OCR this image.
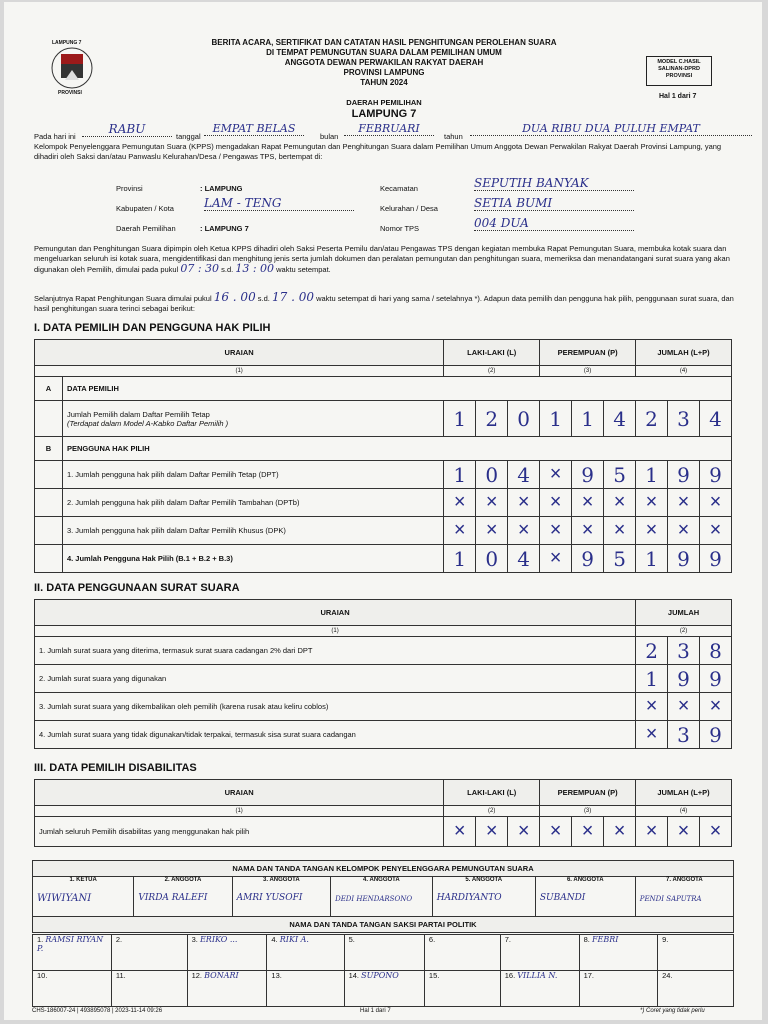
LAMPUNG 7
PROVINSI
BERITA ACARA, SERTIFIKAT DAN CATATAN HASIL PENGHITUNGAN PEROLEHAN SUARA
DI TEMPAT PEMUNGUTAN SUARA DALAM PEMILIHAN UMUM
ANGGOTA DEWAN PERWAKILAN RAKYAT DAERAH
PROVINSI LAMPUNG
TAHUN 2024
MODEL C.HASIL
SALINAN-DPRD
PROVINSI
Hal 1 dari 7
DAERAH PEMILIHAN
LAMPUNG 7
Pada hari ini
RABU
tanggal
EMPAT BELAS
bulan
FEBRUARI
tahun
DUA RIBU DUA PULUH EMPAT
Kelompok Penyelenggara Pemungutan Suara (KPPS) mengadakan Rapat Pemungutan dan Penghitungan Suara dalam Pemilihan Umum Anggota Dewan Perwakilan Rakyat Daerah Provinsi Lampung, yang dihadiri oleh Saksi dan/atau Panwaslu Kelurahan/Desa / Pengawas TPS, bertempat di:
Provinsi	: LAMPUNG
Kabupaten / Kota	LAM - TENG
Daerah Pemilihan	: LAMPUNG 7
Kecamatan	SEPUTIH BANYAK
Kelurahan / Desa	SETIA BUMI
Nomor TPS	004 DUA
Pemungutan dan Penghitungan Suara dipimpin oleh Ketua KPPS dihadiri oleh Saksi Peserta Pemilu dan/atau Pengawas TPS dengan kegiatan membuka Rapat Pemungutan Suara, membuka kotak suara dan mengeluarkan seluruh isi kotak suara, mengidentifikasi dan menghitung jenis serta jumlah dokumen dan peralatan pemungutan dan penghitungan suara, memeriksa dan menandatangani surat suara yang akan digunakan oleh Pemilih, dimulai pada pukul 07 : 30 s.d. 13 : 00 waktu setempat.
Selanjutnya Rapat Penghitungan Suara dimulai pukul 16 . 00 s.d. 17 . 00 waktu setempat di hari yang sama / setelahnya *). Adapun data pemilih dan pengguna hak pilih, penggunaan surat suara, dan hasil penghitungan suara terinci sebagai berikut:
I. DATA PEMILIH DAN PENGGUNA HAK PILIH
URAIAN		LAKI-LAKI (L)			PEREMPUAN (P)			JUMLAH (L+P)		
(1)		(2)			(3)			(4)		
A	DATA PEMILIH									

	Jumlah Pemilih dalam Daftar Pemilih Tetap
(Terdapat dalam Model A-Kabko Daftar Pemilih )	1	2	0	1	1	4	2	3	4
B	PENGGUNA HAK PILIH									
	1. Jumlah pengguna hak pilih dalam Daftar Pemilih Tetap (DPT)	1	0	4	×	9	5	1	9	9
	2. Jumlah pengguna hak pilih dalam Daftar Pemilih Tambahan (DPTb)	×	×	×	×	×	×	×	×	×
	3. Jumlah pengguna hak pilih dalam Daftar Pemilih Khusus (DPK)	×	×	×	×	×	×	×	×	×
	4. Jumlah Pengguna Hak Pilih (B.1 + B.2 + B.3)	1	0	4	×	9	5	1	9	9
II. DATA PENGGUNAAN SURAT SUARA
URAIAN	JUMLAH		
(1)	(2)		
1. Jumlah surat suara yang diterima, termasuk surat suara cadangan 2% dari DPT	2	3	8
2. Jumlah surat suara yang digunakan	1	9	9
3. Jumlah surat suara yang dikembalikan oleh pemilih (karena rusak atau keliru coblos)	×	×	×
4. Jumlah surat suara yang tidak digunakan/tidak terpakai, termasuk sisa surat suara cadangan	×	3	9
III. DATA PEMILIH DISABILITAS
URAIAN	LAKI-LAKI (L)			PEREMPUAN (P)			JUMLAH (L+P)		
(1)	(2)			(3)			(4)		
Jumlah seluruh Pemilih disabilitas yang menggunakan hak pilih	×	×	×	×	×	×	×	×	×
NAMA DAN TANDA TANGAN KELOMPOK PENYELENGGARA PEMUNGUTAN SUARA

1. KETUA
WIWIYANI

2. ANGGOTA
VIRDA RALEFI

3. ANGGOTA
AMRI YUSOFI

4. ANGGOTA
DEDI HENDARSONO

5. ANGGOTA
HARDIYANTO

6. ANGGOTA
SUBANDI

7. ANGGOTA
PENDI SAPUTRA

NAMA DAN TANDA TANGAN SAKSI PARTAI POLITIK
1. RAMSI RIYAN P.	2.	3. ERIKO ...	4. RIKI A.	5.	6.	7.	8. FEBRI	9.
10.	11.	12. BONARI	13.	14. SUPONO	15.	16. VILLIA N.	17.	24.
CHS-186007-24 | 493895078 | 2023-11-14 09:26	Hal 1 dari 7	*) Coret yang tidak perlu
